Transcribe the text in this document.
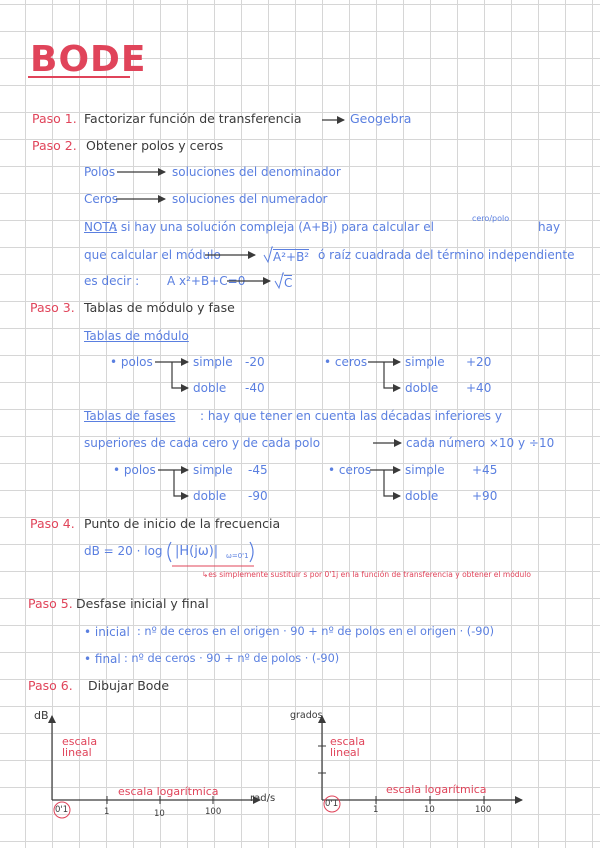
BODE
Paso 1. Factorizar función de transferencia	Geogebra
Paso 2. Obtener polos y ceros
Polos	soluciones del denominador
Ceros	soluciones del numerador
NOTA
: si hay una solución compleja (A+Bj) para calcular el
cero/polo
hay
que calcular el módulo	A²+B² ó raíz cuadrada del término independiente
es decir : A x²+B+C=0	C
Paso 3. Tablas de módulo y fase
Tablas de módulo
• polos	simple -20
doble -40
• ceros	simple +20
doble +40
Tablas de fases : hay que tener en cuenta las décadas inferiores y
superiores de cada cero y de cada polo	cada número ×10 y ÷10
• polos	simple -45
doble -90
• ceros	simple +45
doble	+90
Paso 4. Punto de inicio de la frecuencia
dB = 20 · log |H(jω)| ω=0'1
↳es simplemente sustituir s por 0'1j en la función de transferencia y obtener el módulo
Paso 5. Desfase inicial y final
• inicial : nº de ceros en el origen · 90 + nº de polos en el origen · (-90)
• final : nº de ceros · 90 + nº de polos · (-90)
Paso 6. Dibujar Bode
dB
escala
lineal
escala logarítmica
rad/s
0'1	1	10	100
grados
escala
lineal
escala logarítmica
0'1
1	10	100
